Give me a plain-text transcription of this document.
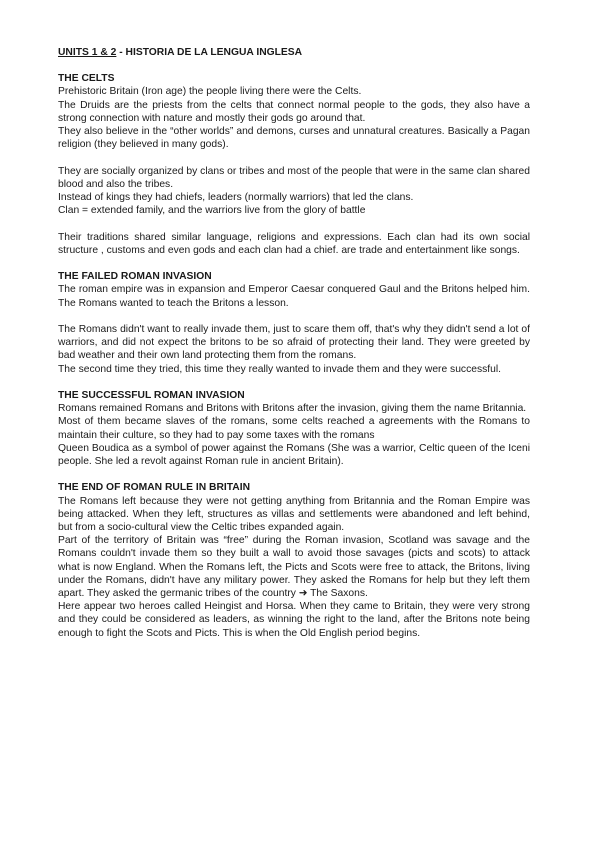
UNITS 1 & 2 - HISTORIA DE LA LENGUA INGLESA
THE CELTS

Prehistoric Britain (Iron age) the people living there were the Celts.

The Druids are the priests from the celts that connect normal people to the gods, they also have a strong connection with nature and mostly their gods go around that.

They also believe in the “other worlds” and demons, curses and unnatural creatures. Basically a Pagan religion (they believed in many gods).

They are socially organized by clans or tribes and most of the people that were in the same clan shared blood and also the tribes.

Instead of kings they had chiefs, leaders (normally warriors) that led the clans.

Clan = extended family, and the warriors live from the glory of battle

Their traditions shared similar language, religions and expressions. Each clan had its own social structure , customs and even gods and each clan had a chief. are trade and entertainment like songs.

THE FAILED ROMAN INVASION

The roman empire was in expansion and Emperor Caesar conquered Gaul and the Britons helped him. The Romans wanted to teach the Britons a lesson.

The Romans didn't want to really invade them, just to scare them off, that's why they didn't send a lot of warriors, and did not expect the britons to be so afraid of protecting their land. They were greeted by bad weather and their own land protecting them from the romans.

The second time they tried, this time they really wanted to invade them and they were successful.

THE SUCCESSFUL ROMAN INVASION

Romans remained Romans and Britons with Britons after the invasion, giving them the name Britannia.

Most of them became slaves of the romans, some celts reached a agreements with the Romans to maintain their culture, so they had to pay some taxes with the romans

Queen Boudica as a symbol of power against the Romans (She was a warrior, Celtic queen of the Iceni people. She led a revolt against Roman rule in ancient Britain).

THE END OF ROMAN RULE IN BRITAIN

The Romans left because they were not getting anything from Britannia and the Roman Empire was being attacked. When they left, structures as villas and settlements were abandoned and left behind, but from a socio-cultural view the Celtic tribes expanded again.

Part of the territory of Britain was “free” during the Roman invasion, Scotland was savage and the Romans couldn't invade them so they built a wall to avoid those savages (picts and scots) to attack what is now England. When the Romans left, the Picts and Scots were free to attack, the Britons, living under the Romans, didn't have any military power. They asked the Romans for help but they left them apart. They asked the germanic tribes of the country ➜ The Saxons.

Here appear two heroes called Heingist and Horsa. When they came to Britain, they were very strong and they could be considered as leaders, as winning the right to the land, after the Britons note being enough to fight the Scots and Picts. This is when the Old English period begins.
